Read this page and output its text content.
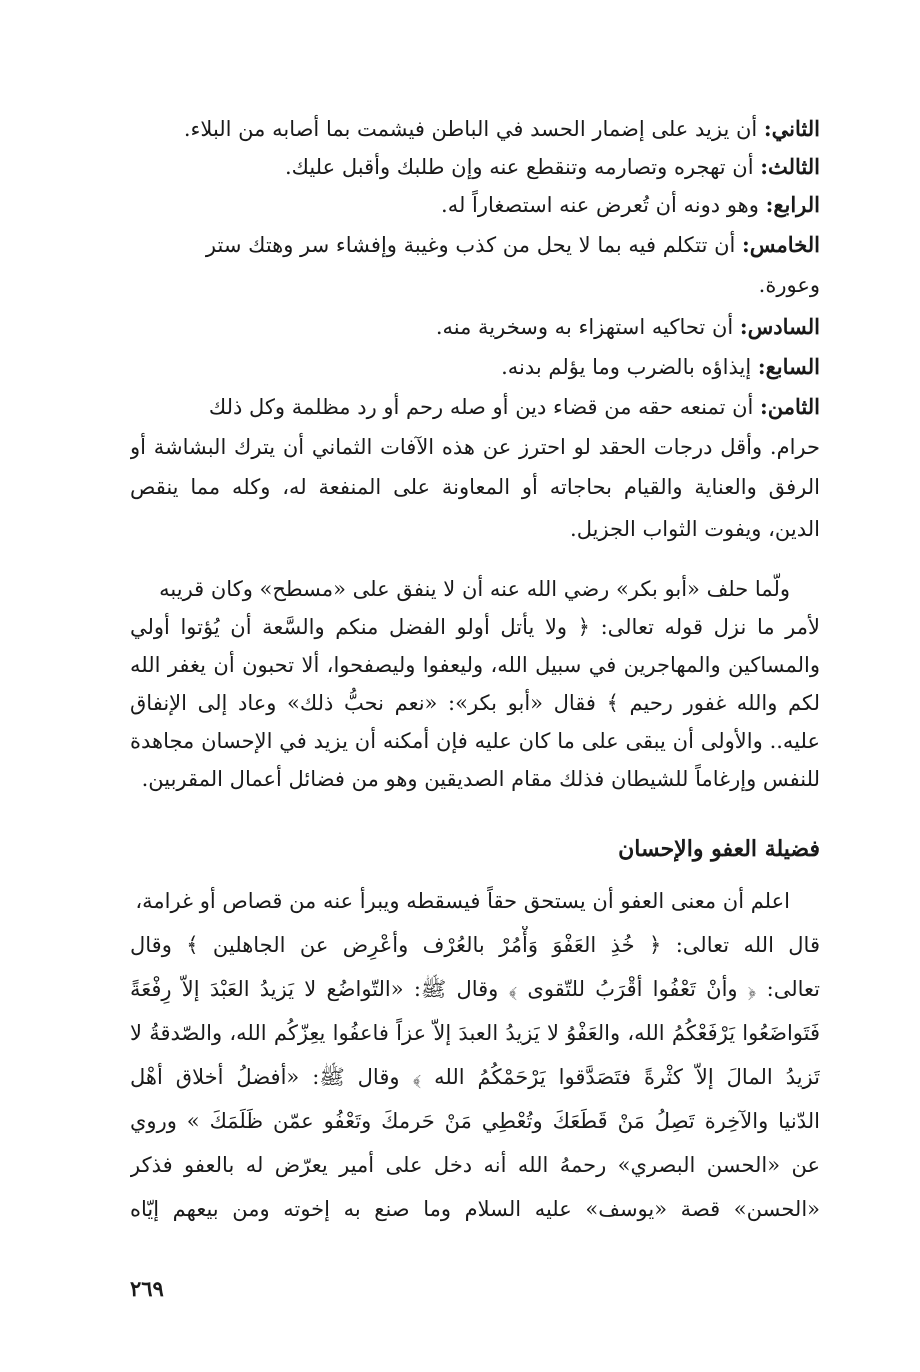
الثاني: أن يزيد على إضمار الحسد في الباطن فيشمت بما أصابه من البلاء.
الثالث: أن تهجره وتصارمه وتنقطع عنه وإن طلبك وأقبل عليك.
الرابع: وهو دونه أن تُعرض عنه استصغاراً له.
الخامس: أن تتكلم فيه بما لا يحل من كذب وغيبة وإفشاء سر وهتك ستر
وعورة.
السادس: أن تحاكيه استهزاء به وسخرية منه.
السابع: إيذاؤه بالضرب وما يؤلم بدنه.
الثامن: أن تمنعه حقه من قضاء دين أو صله رحم أو رد مظلمة وكل ذلك
حرام. وأقل درجات الحقد لو احترز عن هذه الآفات الثماني أن يترك البشاشة أو
الرفق والعناية والقيام بحاجاته أو المعاونة على المنفعة له، وكله مما ينقص
الدين، ويفوت الثواب الجزيل.
ولّما حلف «أبو بكر» رضي الله عنه أن لا ينفق على «مسطح» وكان قريبه
لأمر ما نزل قوله تعالى: ﴿ ولا يأتل أولو الفضل منكم والسَّعة أن يُؤتوا أولي
والمساكين والمهاجرين في سبيل الله، وليعفوا وليصفحوا، ألا تحبون أن يغفر الله
لكم والله غفور رحيم ﴾ فقال «أبو بكر»: «نعم نحبُّ ذلك» وعاد إلى الإنفاق
عليه.. والأولى أن يبقى على ما كان عليه فإن أمكنه أن يزيد في الإحسان مجاهدة
للنفس وإرغاماً للشيطان فذلك مقام الصديقين وهو من فضائل أعمال المقربين.
فضيلة العفو والإحسان
اعلم أن معنى العفو أن يستحق حقاً فيسقطه ويبرأ عنه من قصاص أو غرامة،
قال الله تعالى: ﴿ خُذِ العَفْوَ وَأْمُرْ بالعُرْف وأعْرِض عن الجاهلين ﴾ وقال
تعالى: ﴿ وأنْ تَعْفُوا أقْرَبُ للتّقوى ﴾ وقال ﷺ: «التّواضُع لا يَزيدُ العَبْدَ إلاّ رِفْعَةً
فَتَواضَعُوا يَرْفَعْكُمُ الله، والعَفْوُ لا يَزيدُ العبدَ إلاّ عزاً فاعفُوا يعِزّكُم الله، والصّدقةُ لا
تَزيدُ المالَ إلاّ كثْرةً فتَصَدَّقوا يَرْحَمْكُمُ الله ﴾ وقال ﷺ: «أفضلُ أخلاق أهْل
الدّنيا والآخِرة تَصِلُ مَنْ قَطَعَكَ وتُعْطِي مَنْ حَرمكَ وتَعْفُو عمّن ظَلَمَكَ » وروي
عن «الحسن البصري» رحمهُ الله أنه دخل على أمير يعرّض له بالعفو فذكر
«الحسن» قصة «يوسف» عليه السلام وما صنع به إخوته ومن بيعهم إيّاه
٢٦٩
